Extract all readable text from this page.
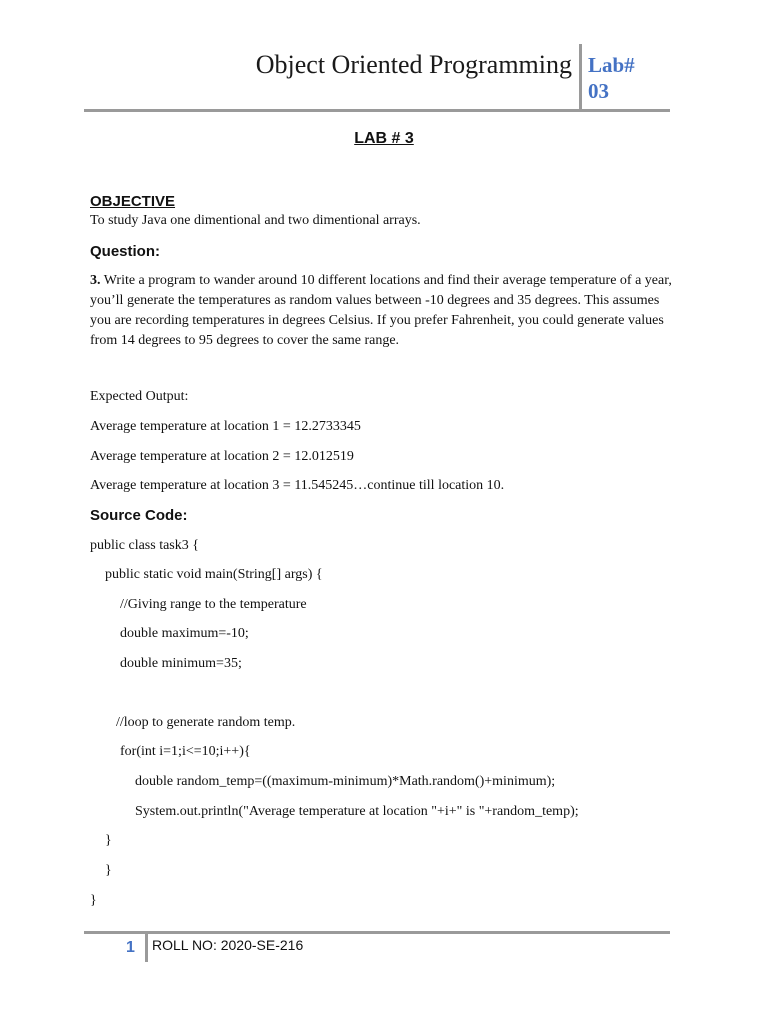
Object Oriented Programming Lab#
03
LAB # 3
OBJECTIVE
To study Java one dimentional and two dimentional arrays.
Question:
3. Write a program to wander around 10 different locations and find their average temperature of a year, you’ll generate the temperatures as random values between -10 degrees and 35 degrees. This assumes you are recording temperatures in degrees Celsius. If you prefer Fahrenheit, you could generate values from 14 degrees to 95 degrees to cover the same range.
Expected Output:
Average temperature at location 1 = 12.2733345
Average temperature at location 2 = 12.012519
Average temperature at location 3 = 11.545245…continue till location 10.
Source Code:
public class task3 {
public static void main(String[] args) {
//Giving range to the temperature
double maximum=-10;
double minimum=35;
//loop to generate random temp.
for(int i=1;i<=10;i++){
double random_temp=((maximum-minimum)*Math.random()+minimum);
System.out.println("Average temperature at location "+i+" is "+random_temp);
}
}
}
1 ROLL NO: 2020-SE-216
